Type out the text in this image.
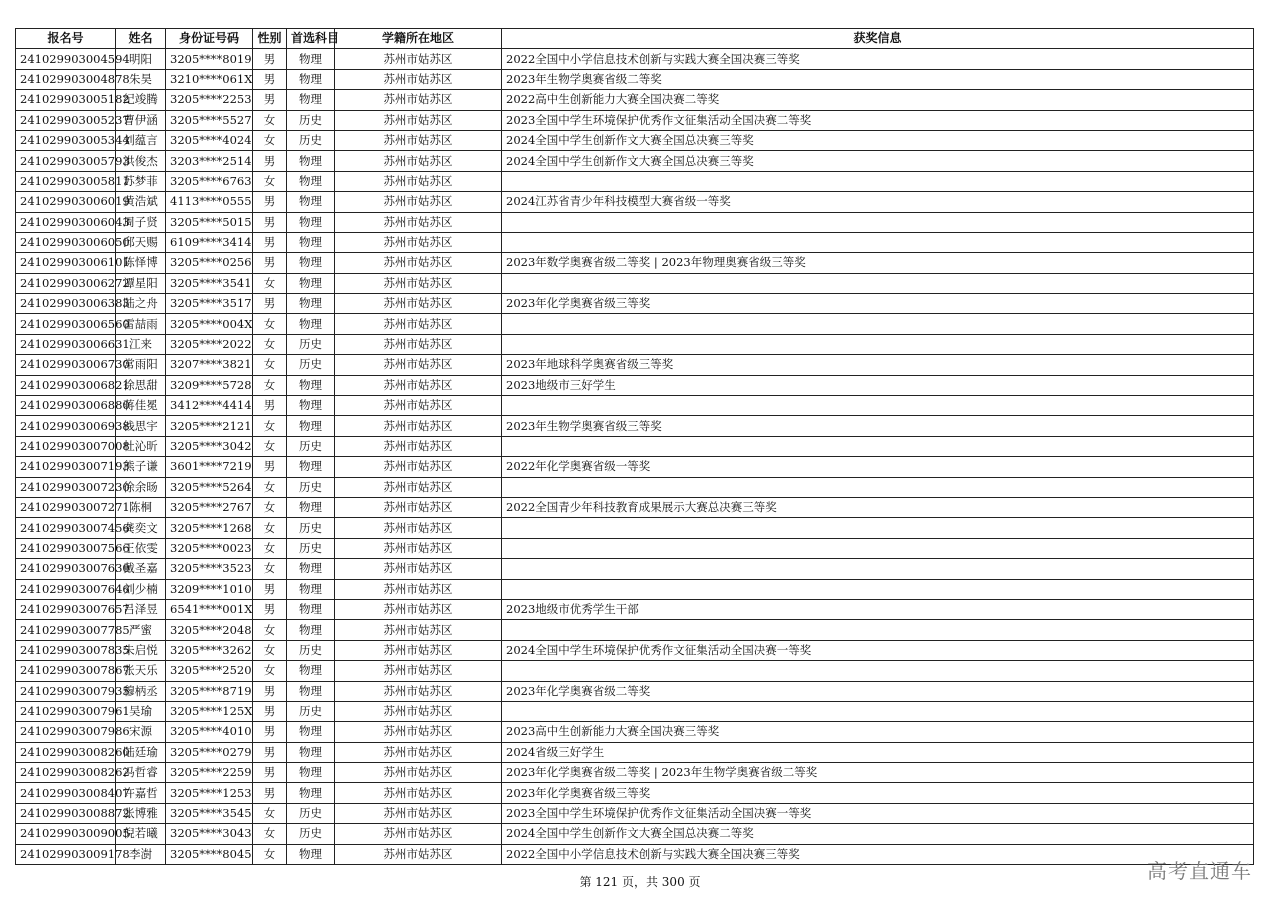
报名号	姓名	身份证号码	性别	首选科目	学籍所在地区	获奖信息
241029903004594	明阳	3205****8019	男	物理	苏州市姑苏区	2022全国中小学信息技术创新与实践大赛全国决赛三等奖
241029903004878	朱昊	3210****061X	男	物理	苏州市姑苏区	2023年生物学奥赛省级二等奖
241029903005182	纪竣腾	3205****2253	男	物理	苏州市姑苏区	2022高中生创新能力大赛全国决赛二等奖
241029903005237	曹伊涵	3205****5527	女	历史	苏州市姑苏区	2023全国中学生环境保护优秀作文征集活动全国决赛二等奖
241029903005344	刘蕴言	3205****4024	女	历史	苏州市姑苏区	2024全国中学生创新作文大赛全国总决赛三等奖
241029903005793	洪俊杰	3203****2514	男	物理	苏州市姑苏区	2024全国中学生创新作文大赛全国总决赛三等奖
241029903005811	苏梦菲	3205****6763	女	物理	苏州市姑苏区	
241029903006019	黄浩斌	4113****0555	男	物理	苏州市姑苏区	2024江苏省青少年科技模型大赛省级一等奖
241029903006043	周子贤	3205****5015	男	物理	苏州市姑苏区	
241029903006050	邱天赐	6109****3414	男	物理	苏州市姑苏区	
241029903006101	陈怿博	3205****0256	男	物理	苏州市姑苏区	2023年数学奥赛省级二等奖 | 2023年物理奥赛省级三等奖
241029903006272	谭星阳	3205****3541	女	物理	苏州市姑苏区	
241029903006383	陆之舟	3205****3517	男	物理	苏州市姑苏区	2023年化学奥赛省级三等奖
241029903006560	雷喆雨	3205****004X	女	物理	苏州市姑苏区	
241029903006631	江来	3205****2022	女	历史	苏州市姑苏区	
241029903006730	常雨阳	3207****3821	女	历史	苏州市姑苏区	2023年地球科学奥赛省级三等奖
241029903006821	徐思甜	3209****5728	女	物理	苏州市姑苏区	2023地级市三好学生
241029903006880	蒋佳冕	3412****4414	男	物理	苏州市姑苏区	
241029903006938	钱思宇	3205****2121	女	物理	苏州市姑苏区	2023年生物学奥赛省级三等奖
241029903007008	杜沁昕	3205****3042	女	历史	苏州市姑苏区	
241029903007193	熊子谦	3601****7219	男	物理	苏州市姑苏区	2022年化学奥赛省级一等奖
241029903007230	徐余旸	3205****5264	女	历史	苏州市姑苏区	
241029903007271	陈桐	3205****2767	女	物理	苏州市姑苏区	2022全国青少年科技教育成果展示大赛总决赛三等奖
241029903007456	龚奕文	3205****1268	女	历史	苏州市姑苏区	
241029903007566	王依雯	3205****0023	女	历史	苏州市姑苏区	
241029903007630	戴圣嘉	3205****3523	女	物理	苏州市姑苏区	
241029903007646	刘少楠	3209****1010	男	物理	苏州市姑苏区	
241029903007657	吕泽昱	6541****001X	男	物理	苏州市姑苏区	2023地级市优秀学生干部
241029903007785	严蜜	3205****2048	女	物理	苏州市姑苏区	
241029903007835	朱启悦	3205****3262	女	历史	苏州市姑苏区	2024全国中学生环境保护优秀作文征集活动全国决赛一等奖
241029903007867	张天乐	3205****2520	女	物理	苏州市姑苏区	
241029903007935	穆柄丞	3205****8719	男	物理	苏州市姑苏区	2023年化学奥赛省级二等奖
241029903007961	吴瑜	3205****125X	男	历史	苏州市姑苏区	
241029903007986	宋源	3205****4010	男	物理	苏州市姑苏区	2023高中生创新能力大赛全国决赛三等奖
241029903008260	陆廷瑜	3205****0279	男	物理	苏州市姑苏区	2024省级三好学生
241029903008262	冯哲睿	3205****2259	男	物理	苏州市姑苏区	2023年化学奥赛省级二等奖 | 2023年生物学奥赛省级二等奖
241029903008407	许嘉哲	3205****1253	男	物理	苏州市姑苏区	2023年化学奥赛省级三等奖
241029903008872	张博雅	3205****3545	女	历史	苏州市姑苏区	2023全国中学生环境保护优秀作文征集活动全国决赛一等奖
241029903009005	倪若曦	3205****3043	女	历史	苏州市姑苏区	2024全国中学生创新作文大赛全国总决赛二等奖
241029903009178	李澍	3205****8045	女	物理	苏州市姑苏区	2022全国中小学信息技术创新与实践大赛全国决赛三等奖
第 121 页，共 300 页	高考直通车
